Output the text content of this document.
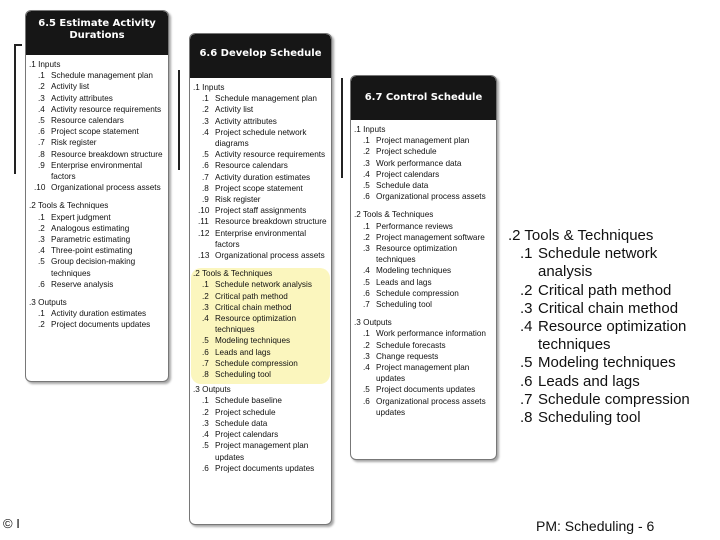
6.5 Estimate Activity Durations
.1 Inputs
.1 Schedule management plan
.2 Activity list
.3 Activity attributes
.4 Activity resource requirements
.5 Resource calendars
.6 Project scope statement
.7 Risk register
.8 Resource breakdown structure
.9 Enterprise environmental factors
.10 Organizational process assets
.2 Tools & Techniques
.1 Expert judgment
.2 Analogous estimating
.3 Parametric estimating
.4 Three-point estimating
.5 Group decision-making techniques
.6 Reserve analysis
.3 Outputs
.1 Activity duration estimates
.2 Project documents updates
6.6 Develop Schedule
.1 Inputs
.1 Schedule management plan
.2 Activity list
.3 Activity attributes
.4 Project schedule network diagrams
.5 Activity resource requirements
.6 Resource calendars
.7 Activity duration estimates
.8 Project scope statement
.9 Risk register
.10 Project staff assignments
.11 Resource breakdown structure
.12 Enterprise environmental factors
.13 Organizational process assets
.2 Tools & Techniques
.1 Schedule network analysis
.2 Critical path method
.3 Critical chain method
.4 Resource optimization techniques
.5 Modeling techniques
.6 Leads and lags
.7 Schedule compression
.8 Scheduling tool
.3 Outputs
.1 Schedule baseline
.2 Project schedule
.3 Schedule data
.4 Project calendars
.5 Project management plan updates
.6 Project documents updates
6.7 Control Schedule
.1 Inputs
.1 Project management plan
.2 Project schedule
.3 Work performance data
.4 Project calendars
.5 Schedule data
.6 Organizational process assets
.2 Tools & Techniques
.1 Performance reviews
.2 Project management software
.3 Resource optimization techniques
.4 Modeling techniques
.5 Leads and lags
.6 Schedule compression
.7 Scheduling tool
.3 Outputs
.1 Work performance information
.2 Schedule forecasts
.3 Change requests
.4 Project management plan updates
.5 Project documents updates
.6 Organizational process assets updates
.2 Tools & Techniques
.1 Schedule network analysis
.2 Critical path method
.3 Critical chain method
.4 Resource optimization techniques
.5 Modeling techniques
.6 Leads and lags
.7 Schedule compression
.8 Scheduling tool
© I	PM: Scheduling - 6
